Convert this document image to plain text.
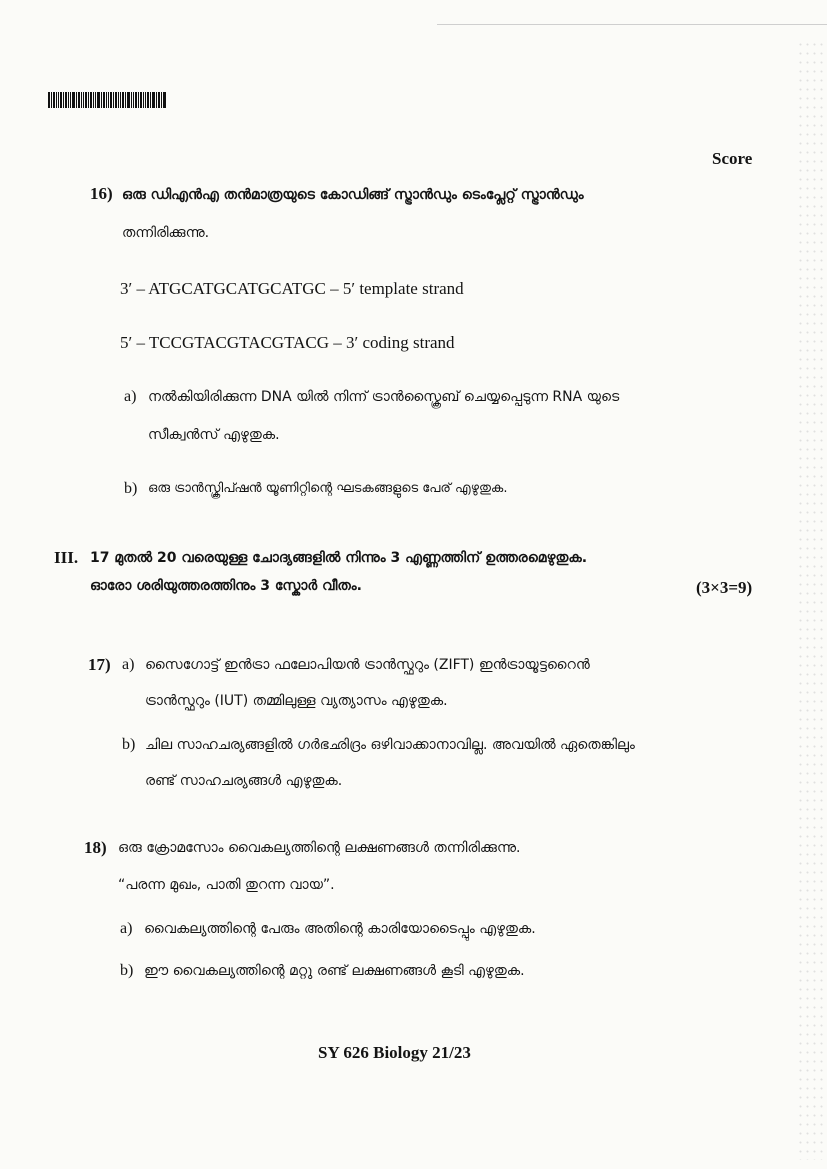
Score
16) ഒരു ഡിഎൻഎ തൻമാത്രയുടെ കോഡിങ്ങ് സ്ട്രാൻഡും ടെംപ്ലേറ്റ് സ്ട്രാൻഡും
തന്നിരിക്കുന്നു.
3′ – ATGCATGCATGCATGC – 5′ template strand
5′ – TCCGTACGTACGTACG – 3′ coding strand
a) നൽകിയിരിക്കുന്ന DNA യിൽ നിന്ന് ട്രാൻസ്ക്രൈബ് ചെയ്യപ്പെടുന്ന RNA യുടെ
സീക്വൻസ് എഴുതുക.
b) ഒരു ട്രാൻസ്ക്രിപ്ഷൻ യൂണിറ്റിന്റെ ഘടകങ്ങളുടെ പേര് എഴുതുക.
III. 17 മുതൽ 20 വരെയുള്ള ചോദ്യങ്ങളിൽ നിന്നും 3 എണ്ണത്തിന് ഉത്തരമെഴുതുക.
ഓരോ ശരിയുത്തരത്തിനും 3 സ്കോർ വീതം.	(3×3=9)
17) a) സൈഗോട്ട് ഇൻട്രാ ഫലോപിയൻ ട്രാൻസ്ഫറും (ZIFT) ഇൻട്രായൂട്ടറൈൻ
ട്രാൻസ്ഫറും (IUT) തമ്മിലുള്ള വ്യത്യാസം എഴുതുക.
b) ചില സാഹചര്യങ്ങളിൽ ഗർഭഛിദ്രം ഒഴിവാക്കാനാവില്ല. അവയിൽ ഏതെങ്കിലും
രണ്ട് സാഹചര്യങ്ങൾ എഴുതുക.
18) ഒരു ക്രോമസോം വൈകല്യത്തിന്റെ ലക്ഷണങ്ങൾ തന്നിരിക്കുന്നു.
“പരന്ന മുഖം, പാതി തുറന്ന വായ”.
a) വൈകല്യത്തിന്റെ പേരും അതിന്റെ കാരിയോടൈപ്പും എഴുതുക.
b) ഈ വൈകല്യത്തിന്റെ മറ്റു രണ്ട് ലക്ഷണങ്ങൾ കൂടി എഴുതുക.
SY 626 Biology 21/23
